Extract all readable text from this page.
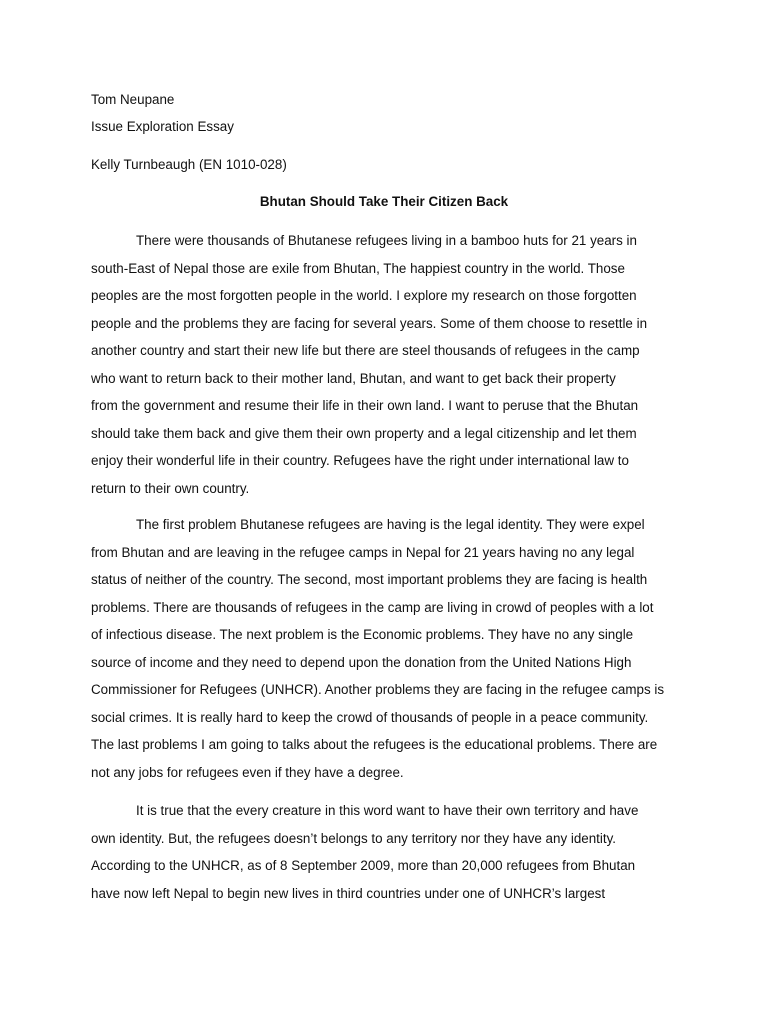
Tom Neupane
Issue Exploration Essay
Kelly Turnbeaugh (EN 1010-028)
Bhutan Should Take Their Citizen Back
There were thousands of Bhutanese refugees living in a bamboo huts for 21 years in
south-East of Nepal those are exile from Bhutan, The happiest country in the world. Those
peoples are the most forgotten people in the world. I explore my research on those forgotten
people and the problems they are facing for several years. Some of them choose to resettle in
another country and start their new life but there are steel thousands of refugees in the camp
who want to return back to their mother land, Bhutan, and want to get back their property
from the government and resume their life in their own land. I want to peruse that the Bhutan
should take them back and give them their own property and a legal citizenship and let them
enjoy their wonderful life in their country. Refugees have the right under international law to
return to their own country.
The first problem Bhutanese refugees are having is the legal identity. They were expel
from Bhutan and are leaving in the refugee camps in Nepal for 21 years having no any legal
status of neither of the country. The second, most important problems they are facing is health
problems. There are thousands of refugees in the camp are living in crowd of peoples with a lot
of infectious disease. The next problem is the Economic problems. They have no any single
source of income and they need to depend upon the donation from the United Nations High
Commissioner for Refugees (UNHCR). Another problems they are facing in the refugee camps is
social crimes. It is really hard to keep the crowd of thousands of people in a peace community.
The last problems I am going to talks about the refugees is the educational problems. There are
not any jobs for refugees even if they have a degree.
It is true that the every creature in this word want to have their own territory and have
own identity. But, the refugees doesn’t belongs to any territory nor they have any identity.
According to the UNHCR, as of 8 September 2009, more than 20,000 refugees from Bhutan
have now left Nepal to begin new lives in third countries under one of UNHCR’s largest
